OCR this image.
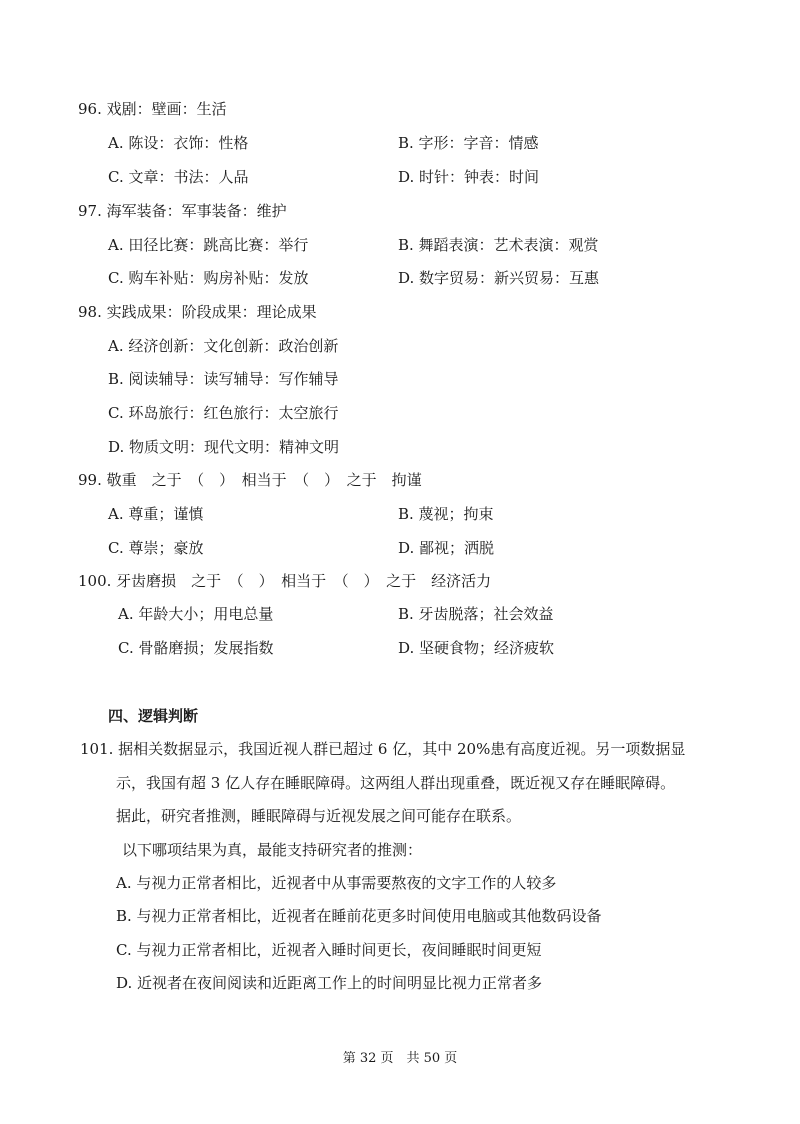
96. 戏剧：壁画：生活
A. 陈设：衣饰：性格	B. 字形：字音：情感
C. 文章：书法：人品	D. 时针：钟表：时间
97. 海军装备：军事装备：维护
A. 田径比赛：跳高比赛：举行	B. 舞蹈表演：艺术表演：观赏
C. 购车补贴：购房补贴：发放	D. 数字贸易：新兴贸易：互惠
98. 实践成果：阶段成果：理论成果
A. 经济创新：文化创新：政治创新
B. 阅读辅导：读写辅导：写作辅导
C. 环岛旅行：红色旅行：太空旅行
D. 物质文明：现代文明：精神文明
99. 敬重　之于　（　）　相当于　（　）　之于　拘谨
A. 尊重；谨慎	B. 蔑视；拘束
C. 尊崇；豪放	D. 鄙视；洒脱
100. 牙齿磨损　之于　（　）　相当于　（　）　之于　经济活力
A. 年龄大小；用电总量	B. 牙齿脱落；社会效益
C. 骨骼磨损；发展指数	D. 坚硬食物；经济疲软
四、逻辑判断
101. 据相关数据显示，我国近视人群已超过 6 亿，其中 20%患有高度近视。另一项数据显
示，我国有超 3 亿人存在睡眠障碍。这两组人群出现重叠，既近视又存在睡眠障碍。
据此，研究者推测，睡眠障碍与近视发展之间可能存在联系。
以下哪项结果为真，最能支持研究者的推测：
A. 与视力正常者相比，近视者中从事需要熬夜的文字工作的人较多
B. 与视力正常者相比，近视者在睡前花更多时间使用电脑或其他数码设备
C. 与视力正常者相比，近视者入睡时间更长，夜间睡眠时间更短
D. 近视者在夜间阅读和近距离工作上的时间明显比视力正常者多
第 32 页　共 50 页
